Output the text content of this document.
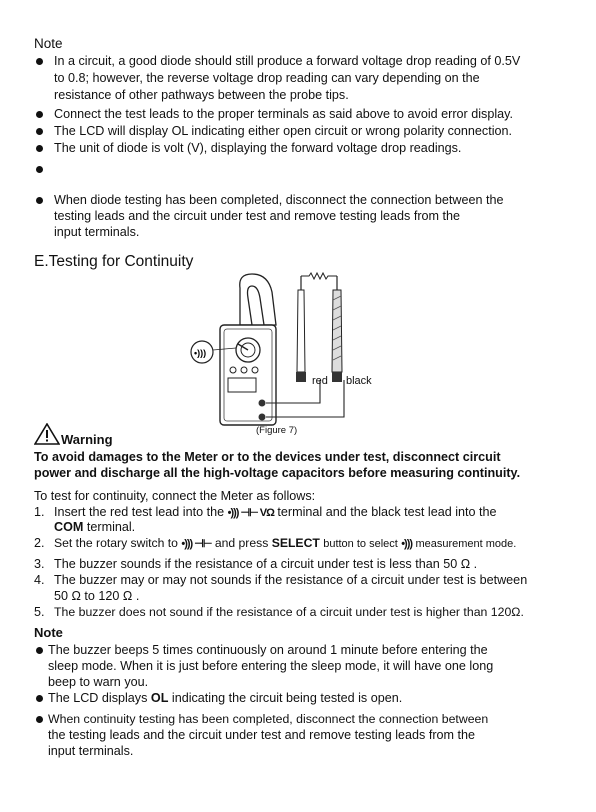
Note
In a circuit, a good diode should still produce a forward voltage drop reading of 0.5V
to 0.8; however, the reverse voltage drop reading can vary depending on the
resistance of other pathways between the probe tips.
Connect the test leads to the proper terminals as said above to avoid error display.
The LCD will display OL indicating either open circuit or wrong polarity connection.
The unit of diode is volt (V), displaying the forward voltage drop readings.
When diode testing has been completed, disconnect the connection between the
testing leads and the circuit under test and remove testing leads from the
input terminals.
E.Testing for Continuity
•)))
red black
(Figure 7)
Warning
To avoid damages to the Meter or to the devices under test, disconnect circuit
power and discharge all the high-voltage capacitors before measuring continuity.
To test for continuity, connect the Meter as follows:
1. Insert the red test lead into the •))) ⊣⊢ VΩ terminal and the black test lead into the
COM terminal.
2. Set the rotary switch to •))) ⊣⊢ and press SELECT button to select •))) measurement mode.
3. The buzzer sounds if the resistance of a circuit under test is less than 50 Ω .
4. The buzzer may or may not sounds if the resistance of a circuit under test is between
50 Ω to 120 Ω .
5. The buzzer does not sound if the resistance of a circuit under test is higher than 120Ω.
Note
The buzzer beeps 5 times continuously on around 1 minute before entering the
sleep mode. When it is just before entering the sleep mode, it will have one long
beep to warn you.
The LCD displays OL indicating the circuit being tested is open.
When continuity testing has been completed, disconnect the connection between
the testing leads and the circuit under test and remove testing leads from the
input terminals.
